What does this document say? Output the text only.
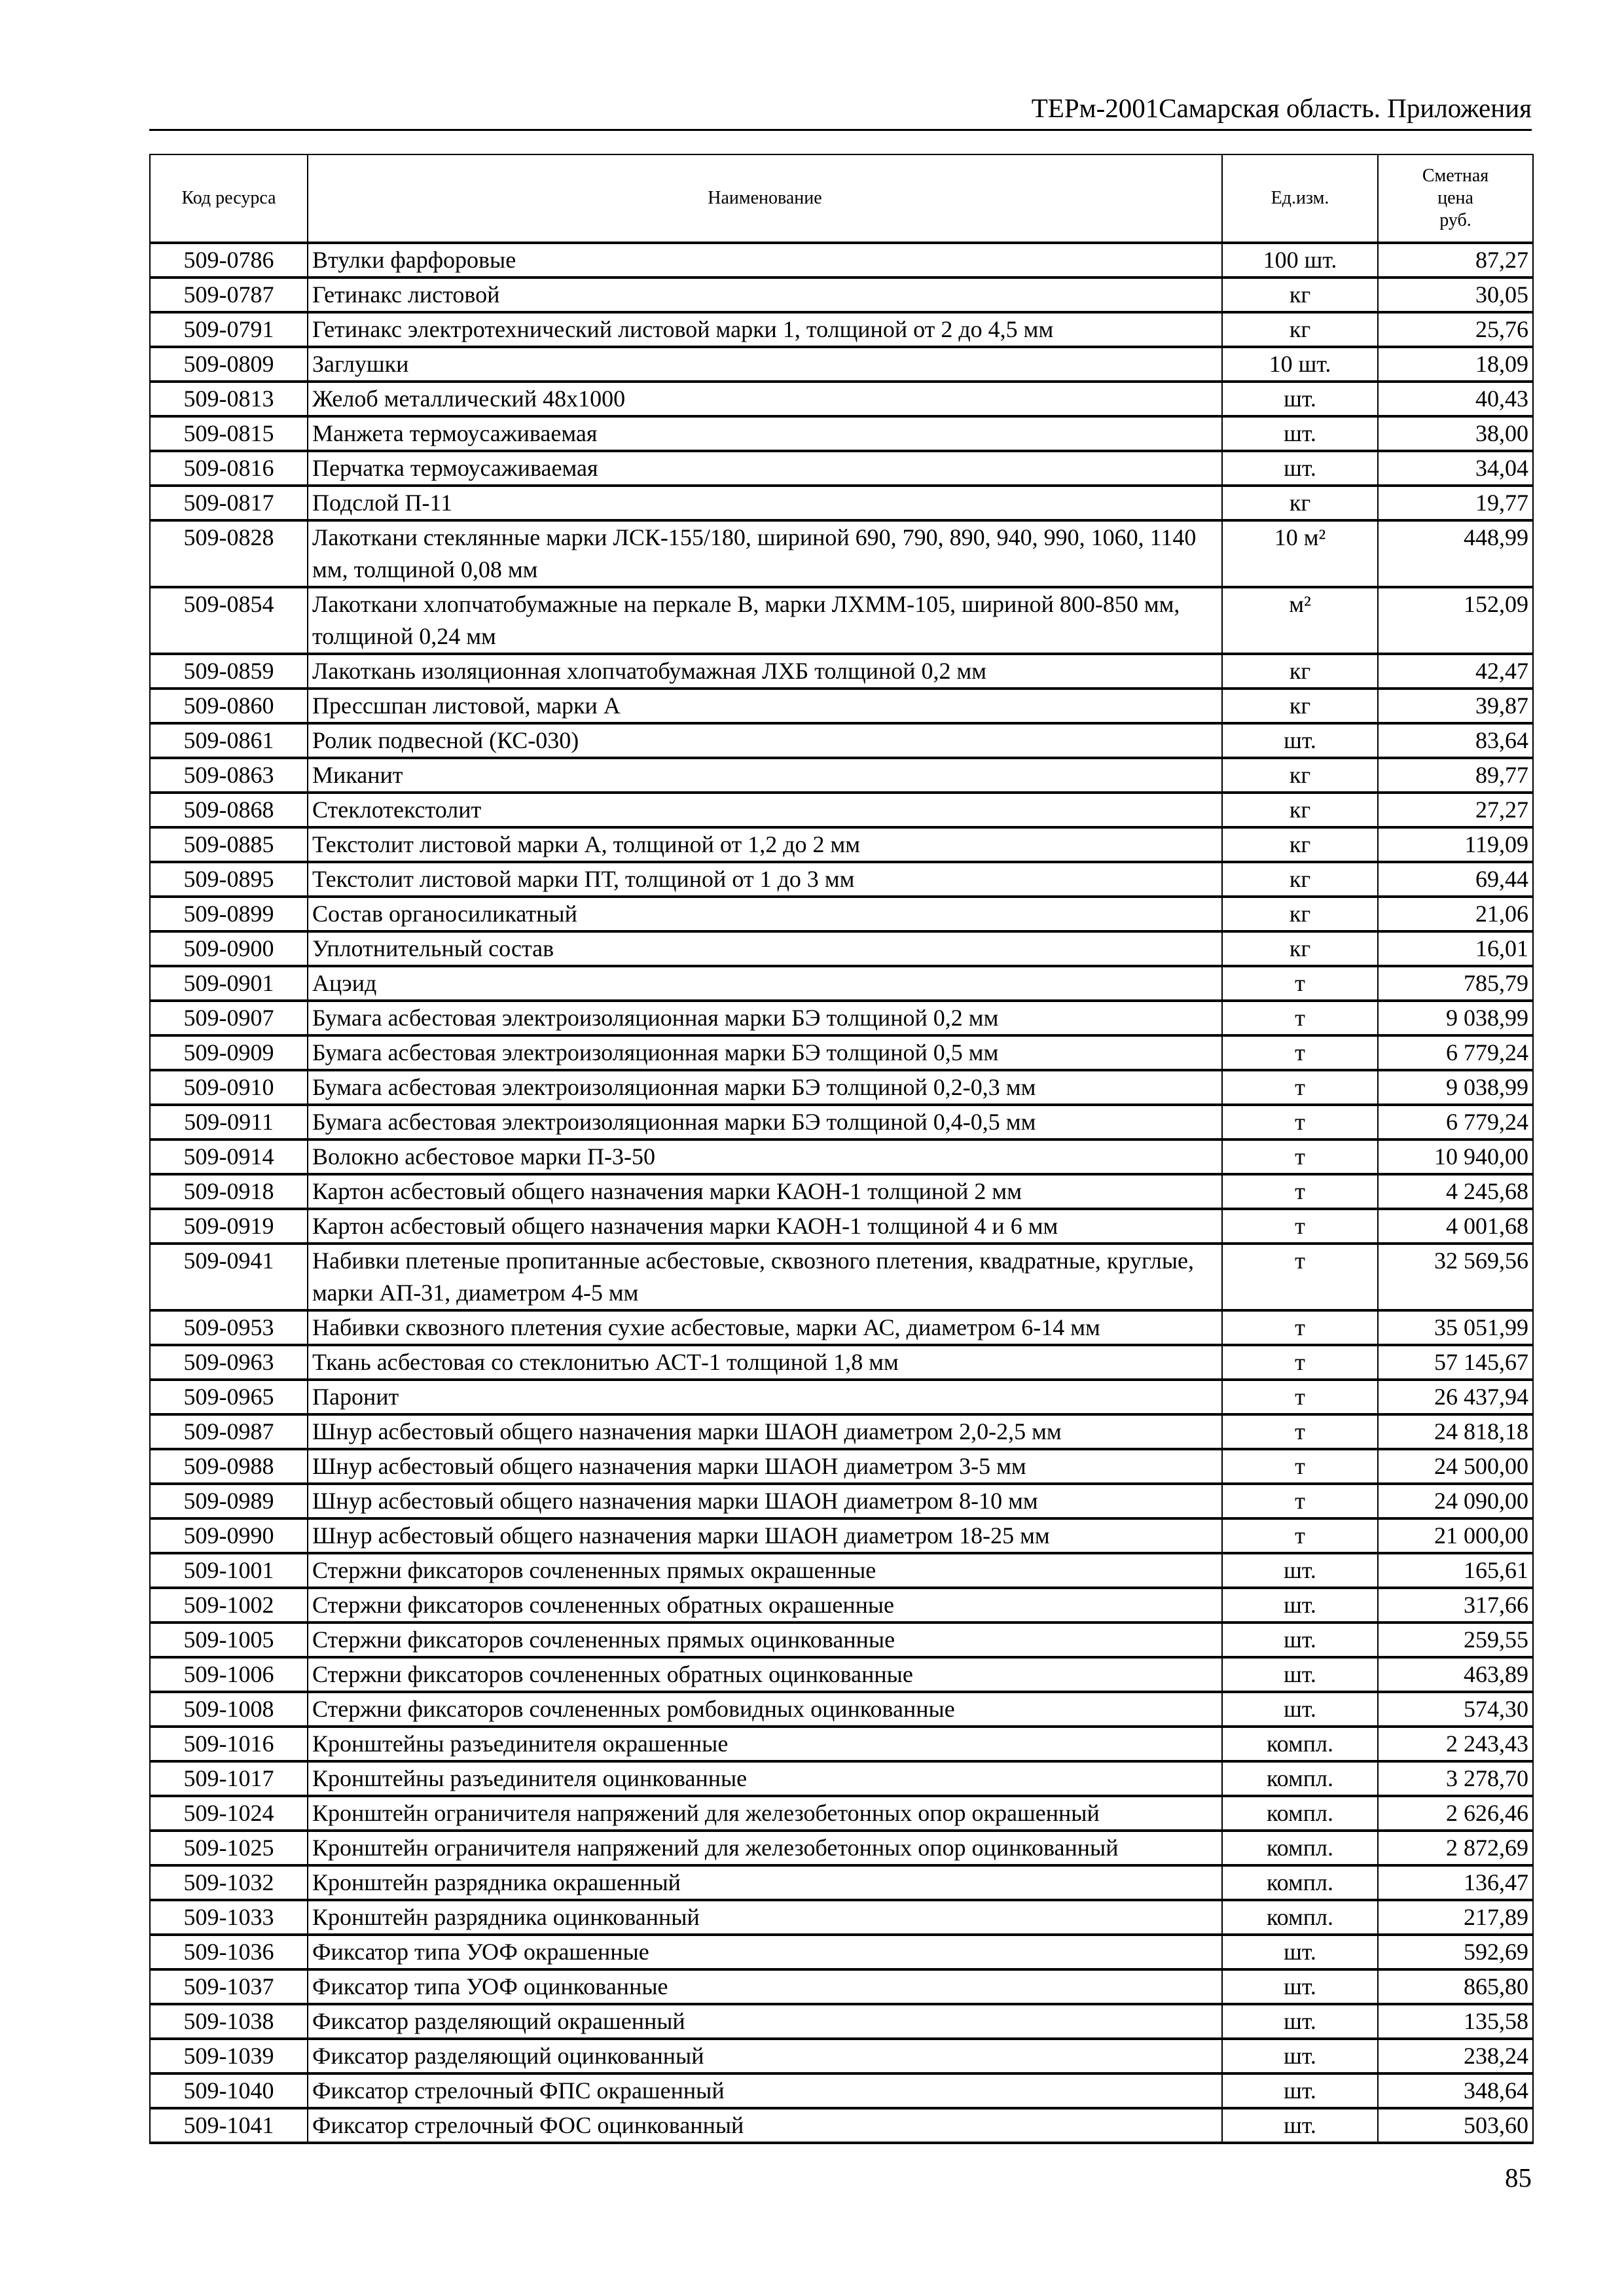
ТЕРм-2001Самарская область. Приложения
Код ресурса	Наименование	Ед.изм.	Сметная
цена
руб.

509-0786	Втулки фарфоровые	100 шт.	87,27
509-0787	Гетинакс листовой	кг	30,05
509-0791	Гетинакс электротехнический листовой марки 1, толщиной от 2 до 4,5 мм	кг	25,76
509-0809	Заглушки	10 шт.	18,09
509-0813	Желоб металлический 48х1000	шт.	40,43
509-0815	Манжета термоусаживаемая	шт.	38,00
509-0816	Перчатка термоусаживаемая	шт.	34,04
509-0817	Подслой П-11	кг	19,77
509-0828	Лакоткани стеклянные марки ЛСК-155/180, шириной 690, 790, 890, 940, 990, 1060, 1140 мм, толщиной 0,08 мм	10 м²	448,99
509-0854	Лакоткани хлопчатобумажные на перкале В, марки ЛХММ-105, шириной 800-850 мм, толщиной 0,24 мм	м²	152,09
509-0859	Лакоткань изоляционная хлопчатобумажная ЛХБ толщиной 0,2 мм	кг	42,47
509-0860	Прессшпан листовой, марки А	кг	39,87
509-0861	Ролик подвесной (КС-030)	шт.	83,64
509-0863	Миканит	кг	89,77
509-0868	Стеклотекстолит	кг	27,27
509-0885	Текстолит листовой марки А, толщиной от 1,2 до 2 мм	кг	119,09
509-0895	Текстолит листовой марки ПТ, толщиной от 1 до 3 мм	кг	69,44
509-0899	Состав органосиликатный	кг	21,06
509-0900	Уплотнительный состав	кг	16,01
509-0901	Ацэид	т	785,79
509-0907	Бумага асбестовая электроизоляционная марки БЭ толщиной 0,2 мм	т	9 038,99
509-0909	Бумага асбестовая электроизоляционная марки БЭ толщиной 0,5 мм	т	6 779,24
509-0910	Бумага асбестовая электроизоляционная марки БЭ толщиной 0,2-0,3 мм	т	9 038,99
509-0911	Бумага асбестовая электроизоляционная марки БЭ толщиной 0,4-0,5 мм	т	6 779,24
509-0914	Волокно асбестовое марки П-3-50	т	10 940,00
509-0918	Картон асбестовый общего назначения марки КАОН-1 толщиной 2 мм	т	4 245,68
509-0919	Картон асбестовый общего назначения марки КАОН-1 толщиной 4 и 6 мм	т	4 001,68
509-0941	Набивки плетеные пропитанные асбестовые, сквозного плетения, квадратные, круглые, марки АП-31, диаметром 4-5 мм	т	32 569,56
509-0953	Набивки сквозного плетения сухие асбестовые, марки АС, диаметром 6-14 мм	т	35 051,99
509-0963	Ткань асбестовая со стеклонитью АСТ-1 толщиной 1,8 мм	т	57 145,67
509-0965	Паронит	т	26 437,94
509-0987	Шнур асбестовый общего назначения марки ШАОН диаметром 2,0-2,5 мм	т	24 818,18
509-0988	Шнур асбестовый общего назначения марки ШАОН диаметром 3-5 мм	т	24 500,00
509-0989	Шнур асбестовый общего назначения марки ШАОН диаметром 8-10 мм	т	24 090,00
509-0990	Шнур асбестовый общего назначения марки ШАОН диаметром 18-25 мм	т	21 000,00
509-1001	Стержни фиксаторов сочлененных прямых окрашенные	шт.	165,61
509-1002	Стержни фиксаторов сочлененных обратных окрашенные	шт.	317,66
509-1005	Стержни фиксаторов сочлененных прямых оцинкованные	шт.	259,55
509-1006	Стержни фиксаторов сочлененных обратных оцинкованные	шт.	463,89
509-1008	Стержни фиксаторов сочлененных ромбовидных оцинкованные	шт.	574,30
509-1016	Кронштейны разъединителя окрашенные	компл.	2 243,43
509-1017	Кронштейны разъединителя оцинкованные	компл.	3 278,70
509-1024	Кронштейн ограничителя напряжений для железобетонных опор окрашенный	компл.	2 626,46
509-1025	Кронштейн ограничителя напряжений для железобетонных опор оцинкованный	компл.	2 872,69
509-1032	Кронштейн разрядника окрашенный	компл.	136,47
509-1033	Кронштейн разрядника оцинкованный	компл.	217,89
509-1036	Фиксатор типа УОФ окрашенные	шт.	592,69
509-1037	Фиксатор типа УОФ оцинкованные	шт.	865,80
509-1038	Фиксатор разделяющий окрашенный	шт.	135,58
509-1039	Фиксатор разделяющий оцинкованный	шт.	238,24
509-1040	Фиксатор стрелочный ФПС окрашенный	шт.	348,64
509-1041	Фиксатор стрелочный ФОС оцинкованный	шт.	503,60
85
